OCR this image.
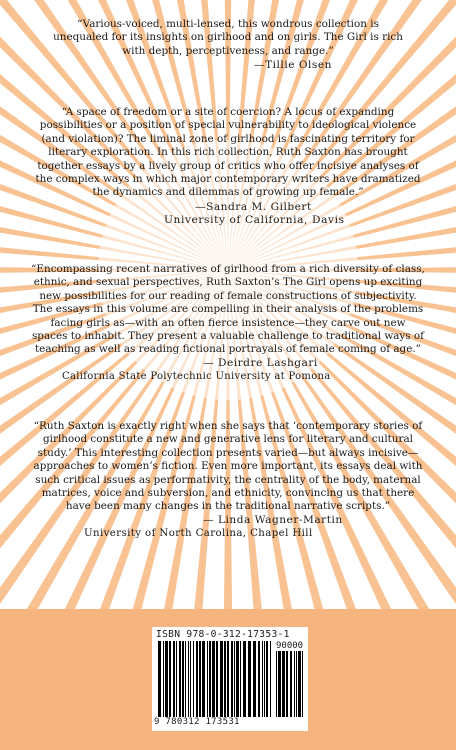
“Various-voiced, multi-lensed, this wondrous collection is
unequaled for its insights on girlhood and on girls. The Girl is rich
with depth, perceptiveness, and range.”

—Tillie Olsen

“A space of freedom or a site of coercion? A locus of expanding
possibilities or a position of special vulnerability to ideological violence
(and violation)? The liminal zone of girlhood is fascinating territory for
literary exploration. In this rich collection, Ruth Saxton has brought
together essays by a lively group of critics who offer incisive analyses of
the complex ways in which major contemporary writers have dramatized
the dynamics and dilemmas of growing up female.”

—Sandra M. Gilbert

University of California, Davis

“Encompassing recent narratives of girlhood from a rich diversity of class,
ethnic, and sexual perspectives, Ruth Saxton’s The Girl opens up exciting
new possibilities for our reading of female constructions of subjectivity.
The essays in this volume are compelling in their analysis of the problems
facing girls as—with an often fierce insistence—they carve out new
spaces to inhabit. They present a valuable challenge to traditional ways of
teaching as well as reading fictional portrayals of female coming of age.”

— Deirdre Lashgari

California State Polytechnic University at Pomona

“Ruth Saxton is exactly right when she says that ‘contemporary stories of
girlhood constitute a new and generative lens for literary and cultural
study.’ This interesting collection presents varied—but always incisive—
approaches to women’s fiction. Even more important, its essays deal with
such critical issues as performativity, the centrality of the body, maternal
matrices, voice and subversion, and ethnicity, convincing us that there
have been many changes in the traditional narrative scripts.”

— Linda Wagner-Martin

University of North Carolina, Chapel Hill

ISBN 978-0-312-17353-1
90000
9 780312 173531
